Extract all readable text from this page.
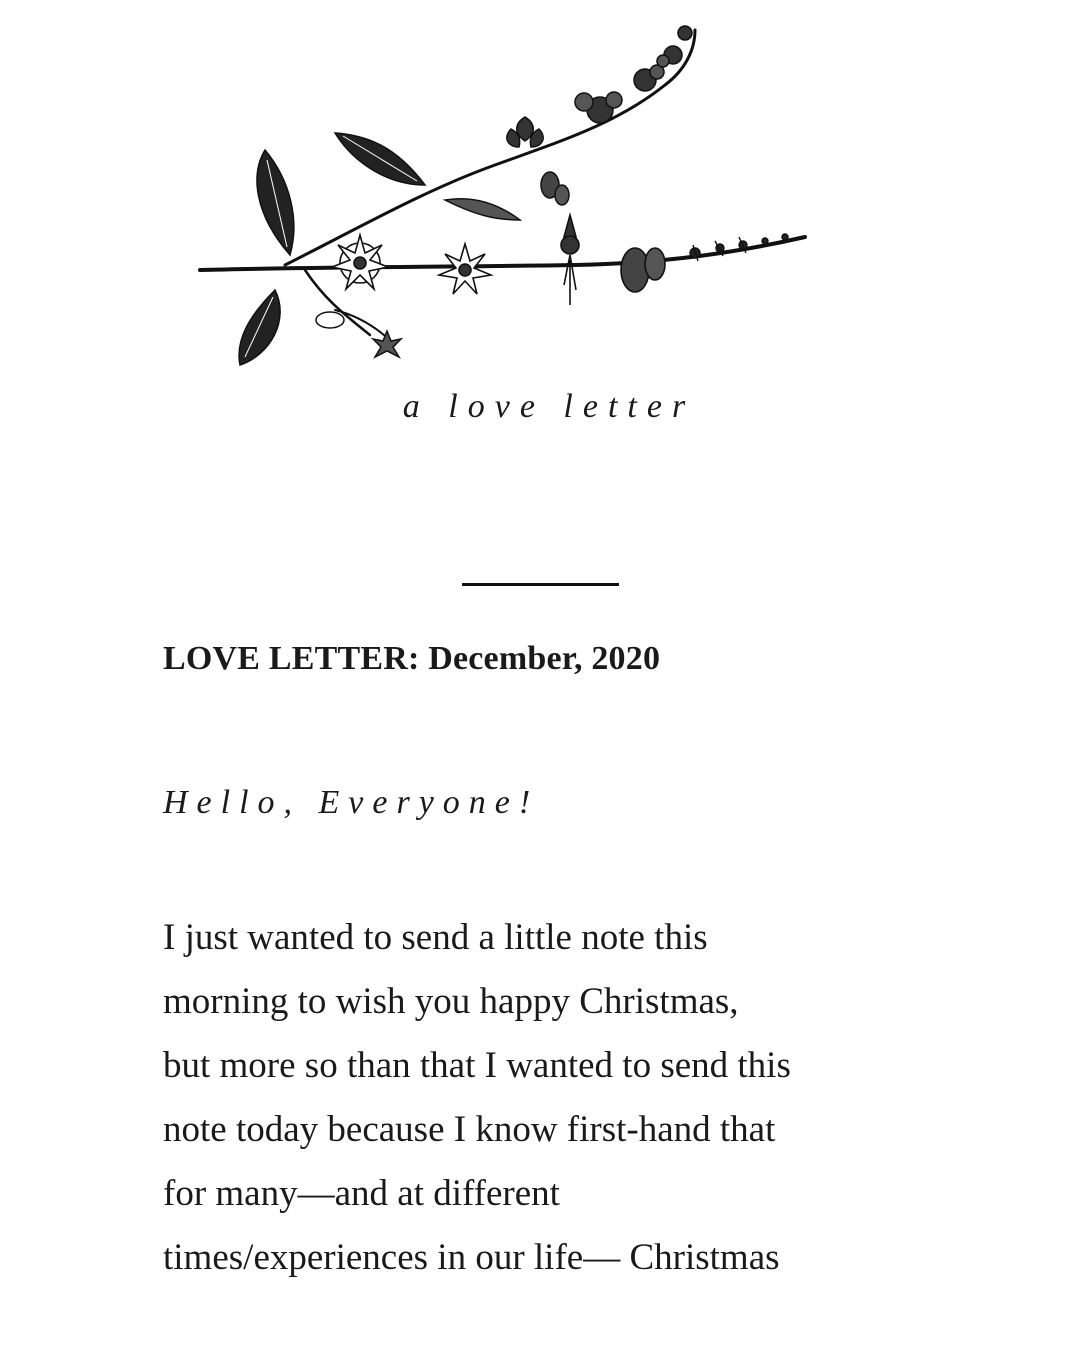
a love letter
LOVE LETTER: December, 2020
Hello, Everyone!
I just wanted to send a little note this
morning to wish you happy Christmas,
but more so than that I wanted to send this
note today because I know first-hand that
for many—and at different
times/experiences in our life— Christmas
